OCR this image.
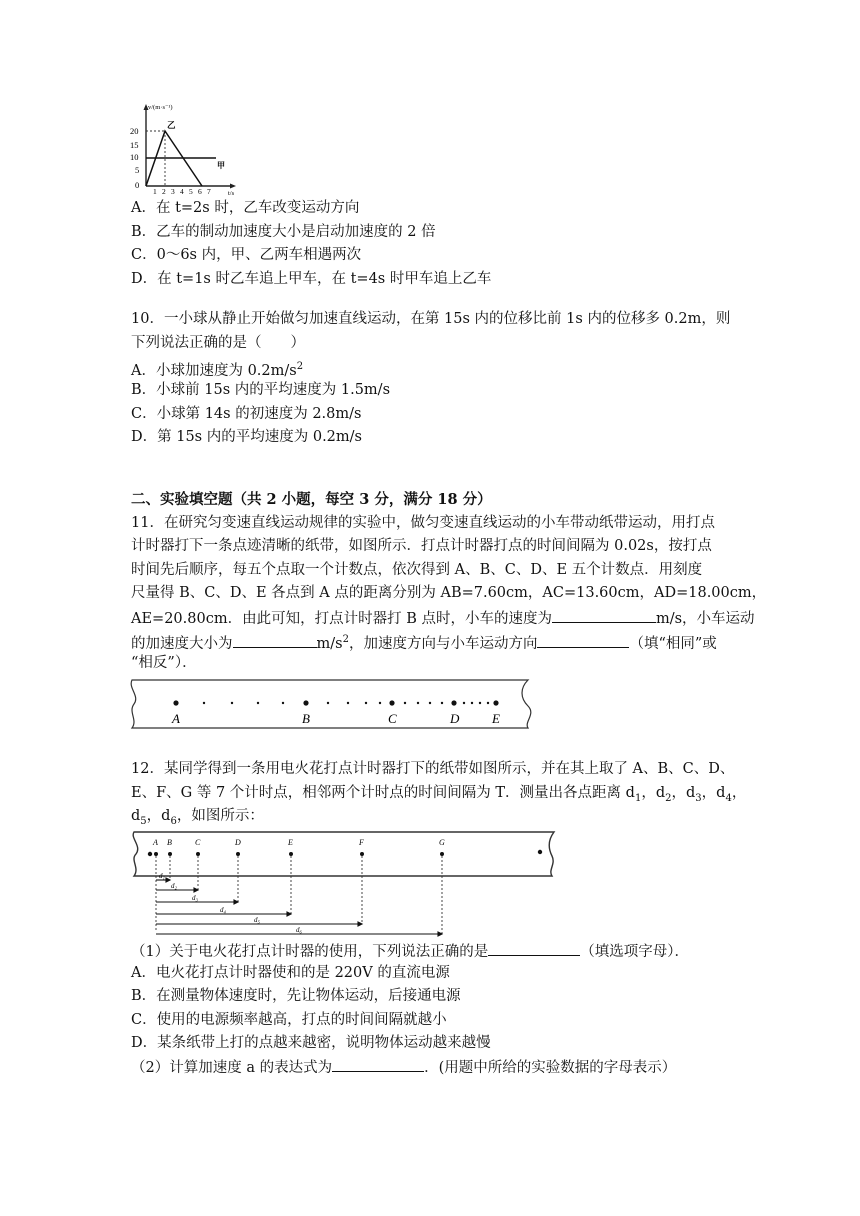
v/(m·s⁻¹)
t/s
20
15
10
5
0
1 2 3 4 5 6 7
甲
乙
A．在 t=2s 时，乙车改变运动方向
B．乙车的制动加速度大小是启动加速度的 2 倍
C．0～6s 内，甲、乙两车相遇两次
D．在 t=1s 时乙车追上甲车，在 t=4s 时甲车追上乙车
10．一小球从静止开始做匀加速直线运动，在第 15s 内的位移比前 1s 内的位移多 0.2m，则
下列说法正确的是（　　）
A．小球加速度为 $0.2m/s^2$
B．小球前 15s 内的平均速度为 1.5m/s
C．小球第 14s 的初速度为 2.8m/s
D．第 15s 内的平均速度为 0.2m/s
二、实验填空题（共 2 小题，每空 3 分，满分 18 分）
11．在研究匀变速直线运动规律的实验中，做匀变速直线运动的小车带动纸带运动，用打点
计时器打下一条点迹清晰的纸带，如图所示．打点计时器打点的时间间隔为 0.02s，按打点
时间先后顺序，每五个点取一个计数点，依次得到 A、B、C、D、E 五个计数点．用刻度
尺量得 B、C、D、E 各点到 A 点的距离分别为 AB=7.60cm，AC=13.60cm，AD=18.00cm，
AE=20.80cm．由此可知，打点计时器打 B 点时，小车的速度为	m/s，小车运动
的加速度大小为	$m/s^2$，加速度方向与小车运动方向	（填“相同”或
“相反”）．
A	B	C	D	E
12．某同学得到一条用电火花打点计时器打下的纸带如图所示，并在其上取了 A、B、C、D、
E、F、G 等 7 个计时点，相邻两个计时点的时间间隔为 T．测量出各点距离 $d_1$，$d_2$，$d_3$，$d_4$，
$d_5$，$d_6$，如图所示：
A B	C	D	E	F	G
d₁
d₂
d₃
d₄
d₅
d₆
（1）关于电火花打点计时器的使用，下列说法正确的是	（填选项字母）．
A．电火花打点计时器使和的是 220V 的直流电源
B．在测量物体速度时，先让物体运动，后接通电源
C．使用的电源频率越高，打点的时间间隔就越小
D．某条纸带上打的点越来越密，说明物体运动越来越慢
（2）计算加速度 a 的表达式为	．(用题中所给的实验数据的字母表示）
